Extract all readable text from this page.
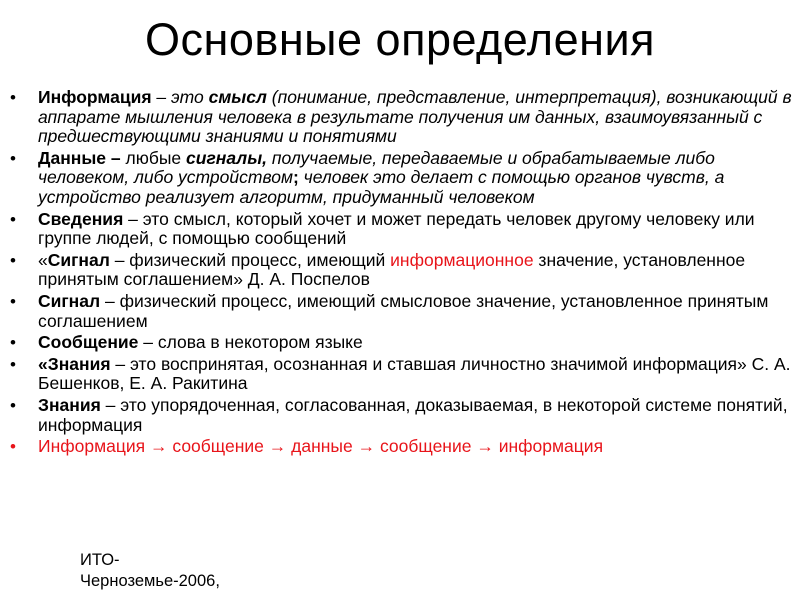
Основные определения
•	Информация – это смысл (понимание, представление, интерпретация), возникающий в аппарате мышления человека в результате получения им данных, взаимоувязанный с предшествующими знаниями и понятиями
•	Данные – любые сигналы, получаемые, передаваемые и обрабатываемые либо человеком, либо устройством; человек это делает с помощью органов чувств, а устройство реализует алгоритм, придуманный человеком
•	Сведения – это смысл, который хочет и может передать человек другому человеку или группе людей, с помощью сообщений
•	«Сигнал – физический процесс, имеющий информационное значение, установленное принятым соглашением» Д. А. Поспелов
•	Сигнал – физический процесс, имеющий смысловое значение, установленное принятым соглашением
•	Сообщение – слова в некотором языке
•	«Знания – это воспринятая, осознанная и ставшая личностно значимой информация» С. А. Бешенков, Е. А. Ракитина
•	Знания – это упорядоченная, согласованная, доказываемая, в некоторой системе понятий, информация
•	Информация → сообщение → данные → сообщение → информация
ИТО-
Черноземье-2006,
